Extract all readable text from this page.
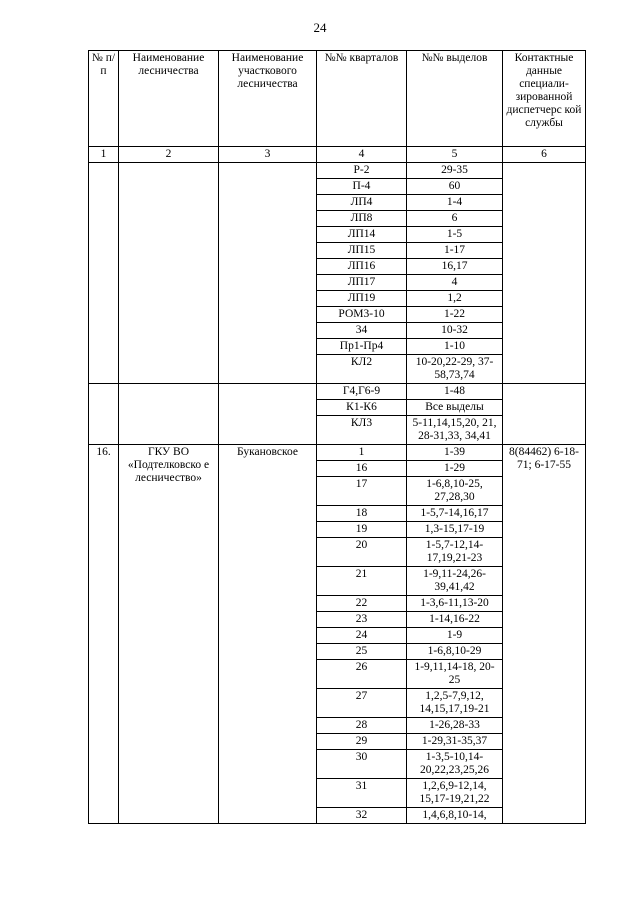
24
№ п/п	Наименование лесничества	Наименование участкового лесничества	№№ кварталов	№№ выделов	Контактные данные специали-зированной диспетчерс кой службы
1	2	3	4	5	6
			Р-2	29-35	
			П-4	60	
			ЛП4	1-4	
			ЛП8	6	
			ЛП14	1-5	
			ЛП15	1-17	
			ЛП16	16,17	
			ЛП17	4	
			ЛП19	1,2	
			РОМ3-10	1-22	
			34	10-32	
			Пр1-Пр4	1-10	
			КЛ2	10-20,22-29, 37-58,73,74	
			Г4,Г6-9	1-48	
			К1-К6	Все выделы	
			КЛ3	5-11,14,15,20, 21, 28-31,33, 34,41	
16.	ГКУ ВО «Подтелковско е лесничество»	Букановское	1	1-39	8(84462) 6-18-71; 6-17-55
			16	1-29	
			17	1-6,8,10-25, 27,28,30	
			18	1-5,7-14,16,17	
			19	1,3-15,17-19	
			20	1-5,7-12,14-17,19,21-23	
			21	1-9,11-24,26-39,41,42	
			22	1-3,6-11,13-20	
			23	1-14,16-22	
			24	1-9	
			25	1-6,8,10-29	
			26	1-9,11,14-18, 20-25	
			27	1,2,5-7,9,12, 14,15,17,19-21	
			28	1-26,28-33	
			29	1-29,31-35,37	
			30	1-3,5-10,14-20,22,23,25,26	
			31	1,2,6,9-12,14, 15,17-19,21,22	
			32	1,4,6,8,10-14,	
